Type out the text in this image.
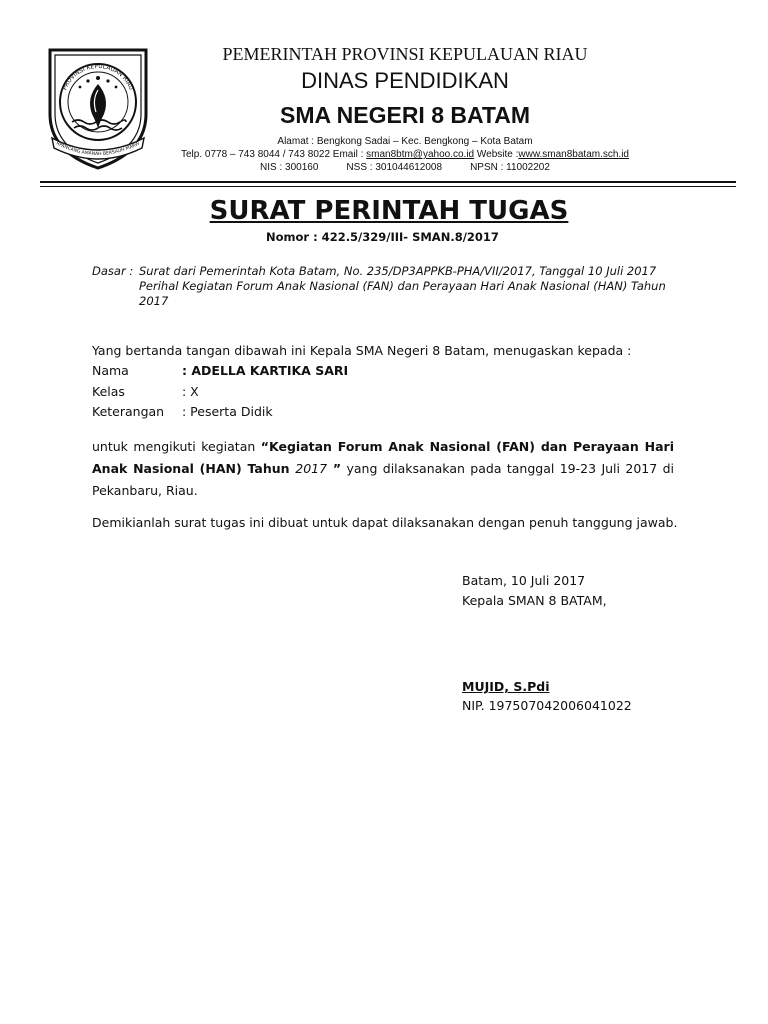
PROVINSI KEPULAUAN RIAU
RPANCANG AMANAH BERSAUH MARW
PEMERINTAH PROVINSI KEPULAUAN RIAU
DINAS PENDIDIKAN
SMA NEGERI 8 BATAM
Alamat : Bengkong Sadai – Kec. Bengkong – Kota Batam
Telp. 0778 – 743 8044 / 743 8022 Email : sman8btm@yahoo.co.id Website :www.sman8batam.sch.id
NIS : 300160	NSS : 301044612008	NPSN : 11002202
SURAT PERINTAH TUGAS
Nomor : 422.5/329/III- SMAN.8/2017
Dasar : Surat dari Pemerintah Kota Batam, No. 235/DP3APPKB-PHA/VII/2017, Tanggal 10 Juli 2017 Perihal Kegiatan Forum Anak Nasional (FAN) dan Perayaan Hari Anak Nasional (HAN) Tahun 2017
Yang bertanda tangan dibawah ini Kepala SMA Negeri 8 Batam, menugaskan kepada :
Nama	: ADELLA KARTIKA SARI
Kelas	: X
Keterangan : Peserta Didik
untuk mengikuti kegiatan “Kegiatan Forum Anak Nasional (FAN) dan Perayaan Hari Anak Nasional (HAN) Tahun 2017 ” yang dilaksanakan pada tanggal 19-23 Juli 2017 di Pekanbaru, Riau.
Demikianlah surat tugas ini dibuat untuk dapat dilaksanakan dengan penuh tanggung jawab.
Batam, 10 Juli 2017
Kepala SMAN 8 BATAM,
MUJID, S.Pdi
NIP. 197507042006041022
